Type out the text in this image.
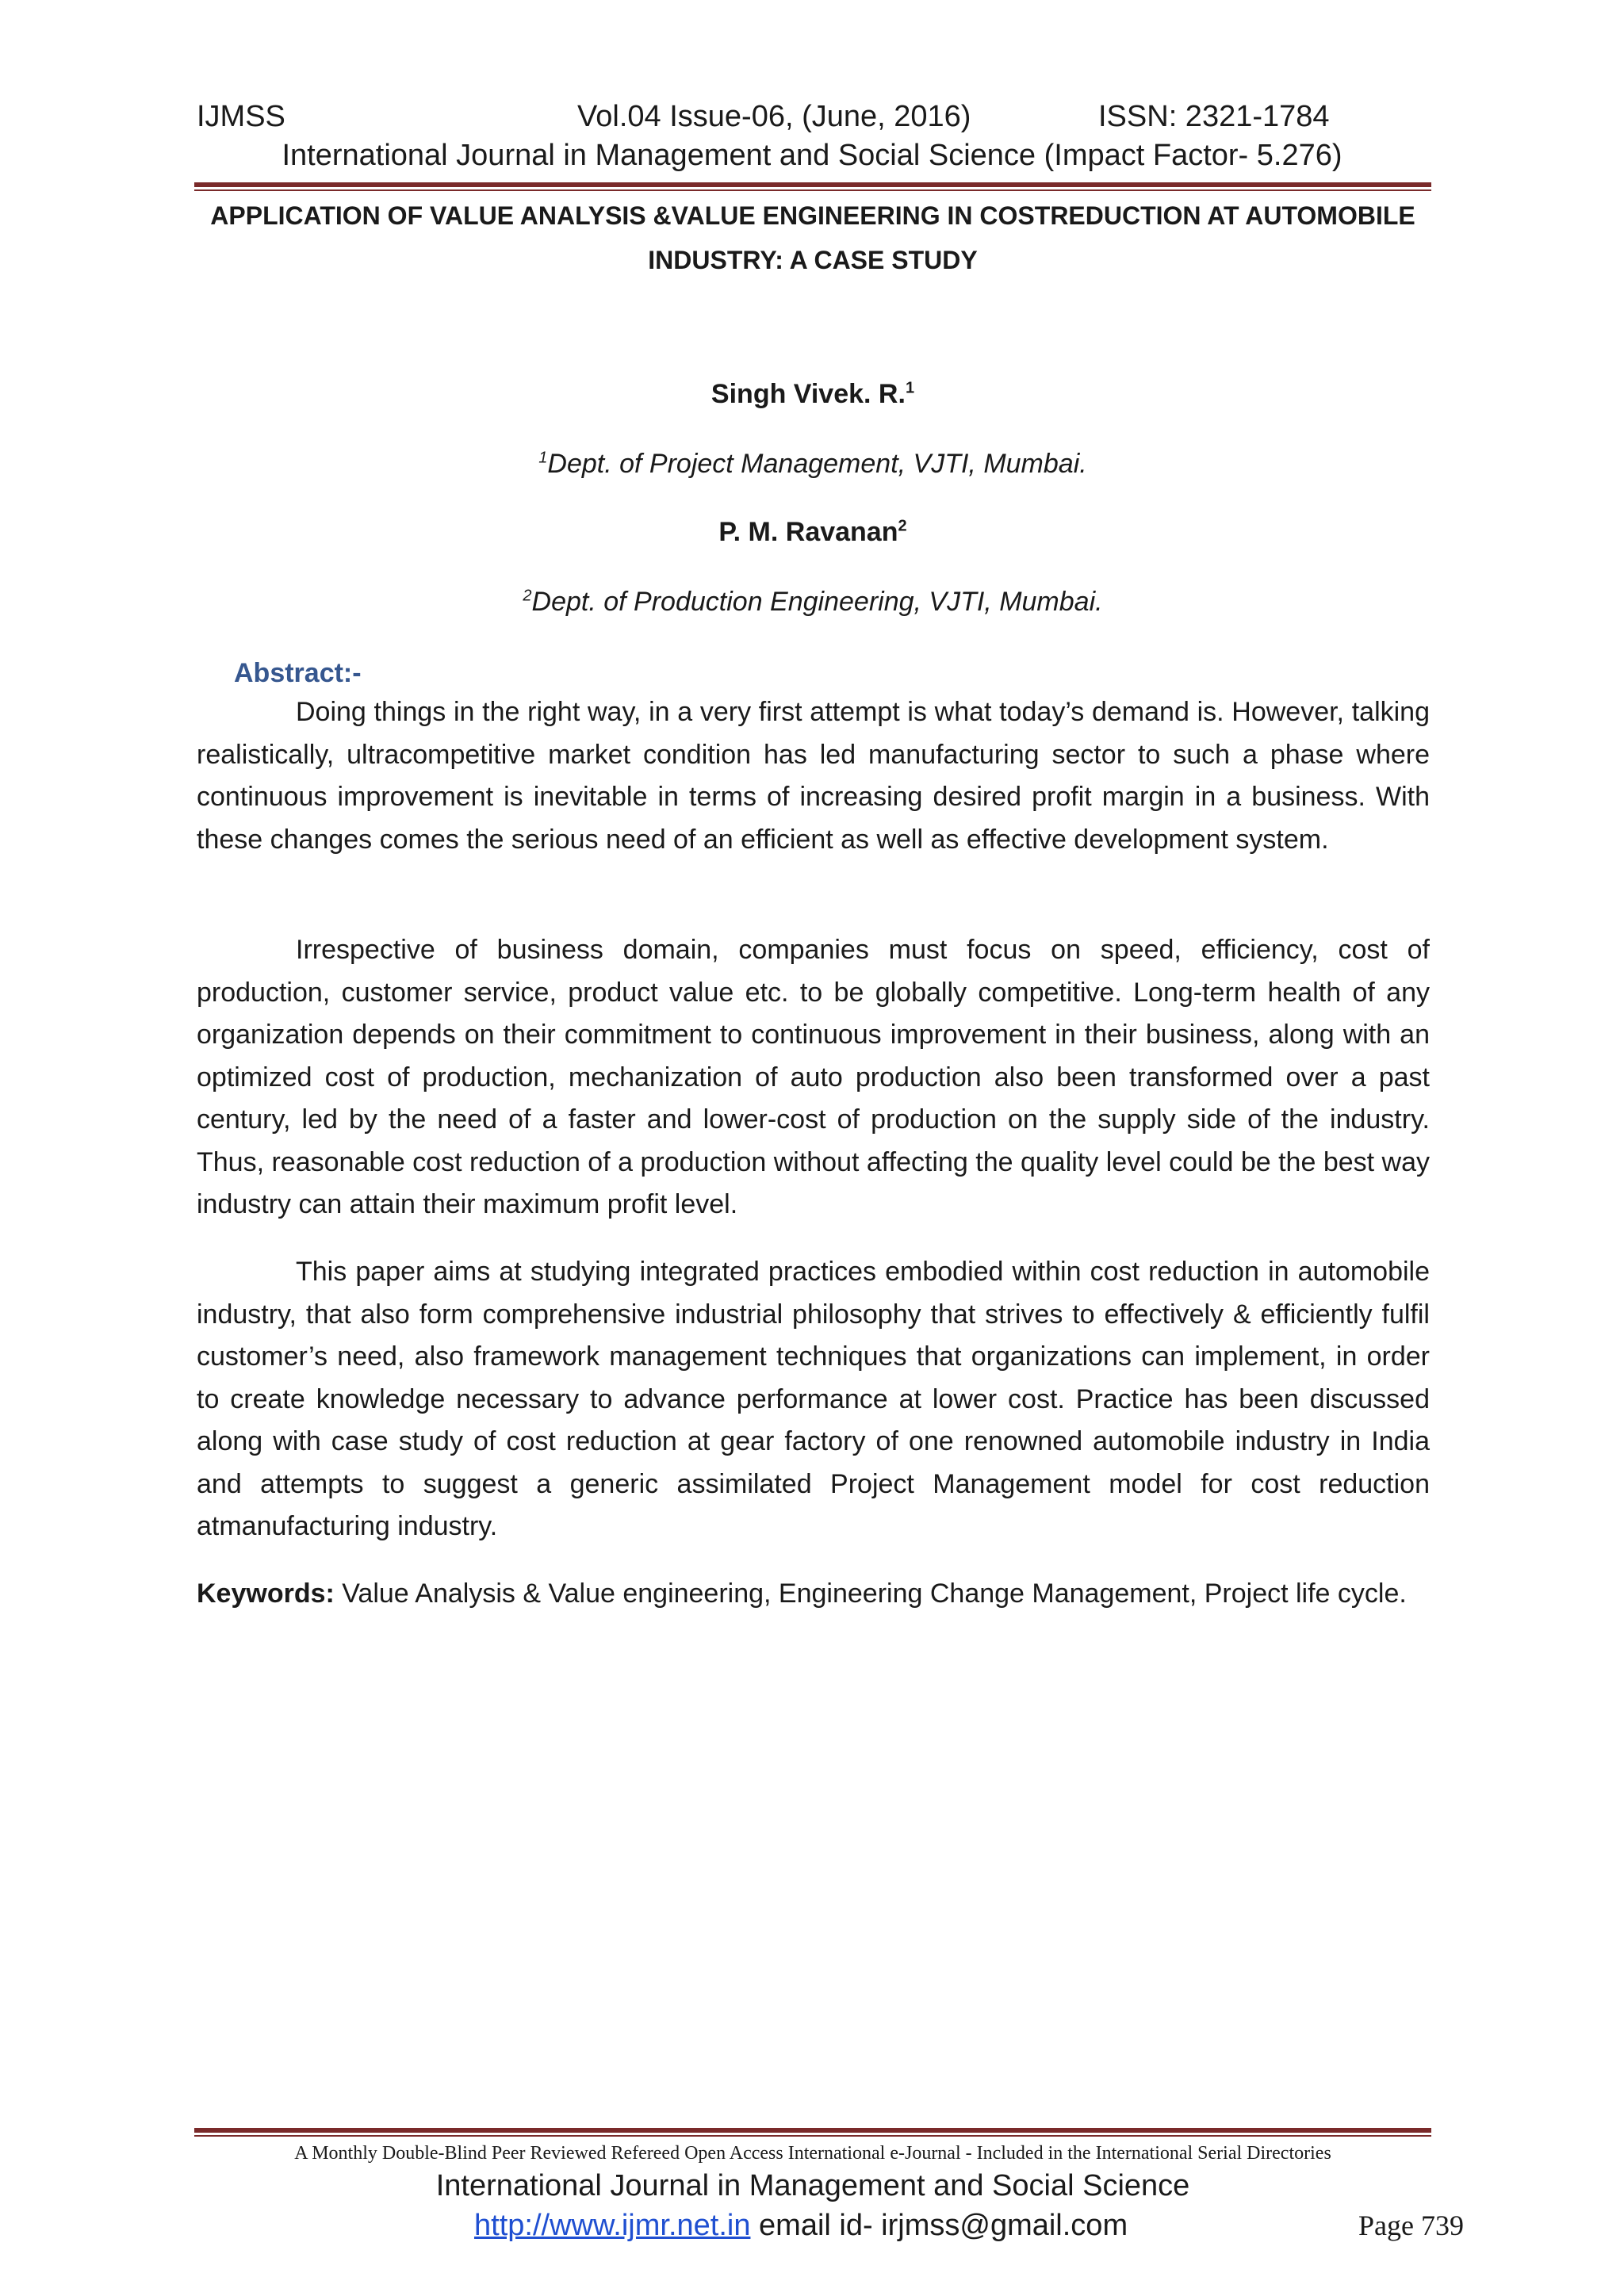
IJMSS	Vol.04 Issue-06, (June, 2016)	ISSN: 2321-1784
International Journal in Management and Social Science (Impact Factor- 5.276)
APPLICATION OF VALUE ANALYSIS &VALUE ENGINEERING IN COSTREDUCTION AT AUTOMOBILE
INDUSTRY: A CASE STUDY
Singh Vivek. R.$^1$
$^1$Dept. of Project Management, VJTI, Mumbai.
P. M. Ravanan$^2$
$^2$Dept. of Production Engineering, VJTI, Mumbai.
Abstract:-
Doing things in the right way, in a very first attempt is what today’s demand is. However, talking realistically, ultracompetitive market condition has led manufacturing sector to such a phase where continuous improvement is inevitable in terms of increasing desired profit margin in a business. With these changes comes the serious need of an efficient as well as effective development system.
Irrespective of business domain, companies must focus on speed, efficiency, cost of production, customer service, product value etc. to be globally competitive. Long-term health of any organization depends on their commitment to continuous improvement in their business, along with an optimized cost of production, mechanization of auto production also been transformed over a past century, led by the need of a faster and lower-cost of production on the supply side of the industry. Thus, reasonable cost reduction of a production without affecting the quality level could be the best way industry can attain their maximum profit level.
This paper aims at studying integrated practices embodied within cost reduction in automobile industry, that also form comprehensive industrial philosophy that strives to effectively & efficiently fulfil customer’s need, also framework management techniques that organizations can implement, in order to create knowledge necessary to advance performance at lower cost. Practice has been discussed along with case study of cost reduction at gear factory of one renowned automobile industry in India and attempts to suggest a generic assimilated Project Management model for cost reduction atmanufacturing industry.
Keywords: Value Analysis & Value engineering, Engineering Change Management, Project life cycle.
A Monthly Double-Blind Peer Reviewed Refereed Open Access International e-Journal - Included in the International Serial Directories
International Journal in Management and Social Science
http://www.ijmr.net.in email id- irjmss@gmail.com	Page 739
